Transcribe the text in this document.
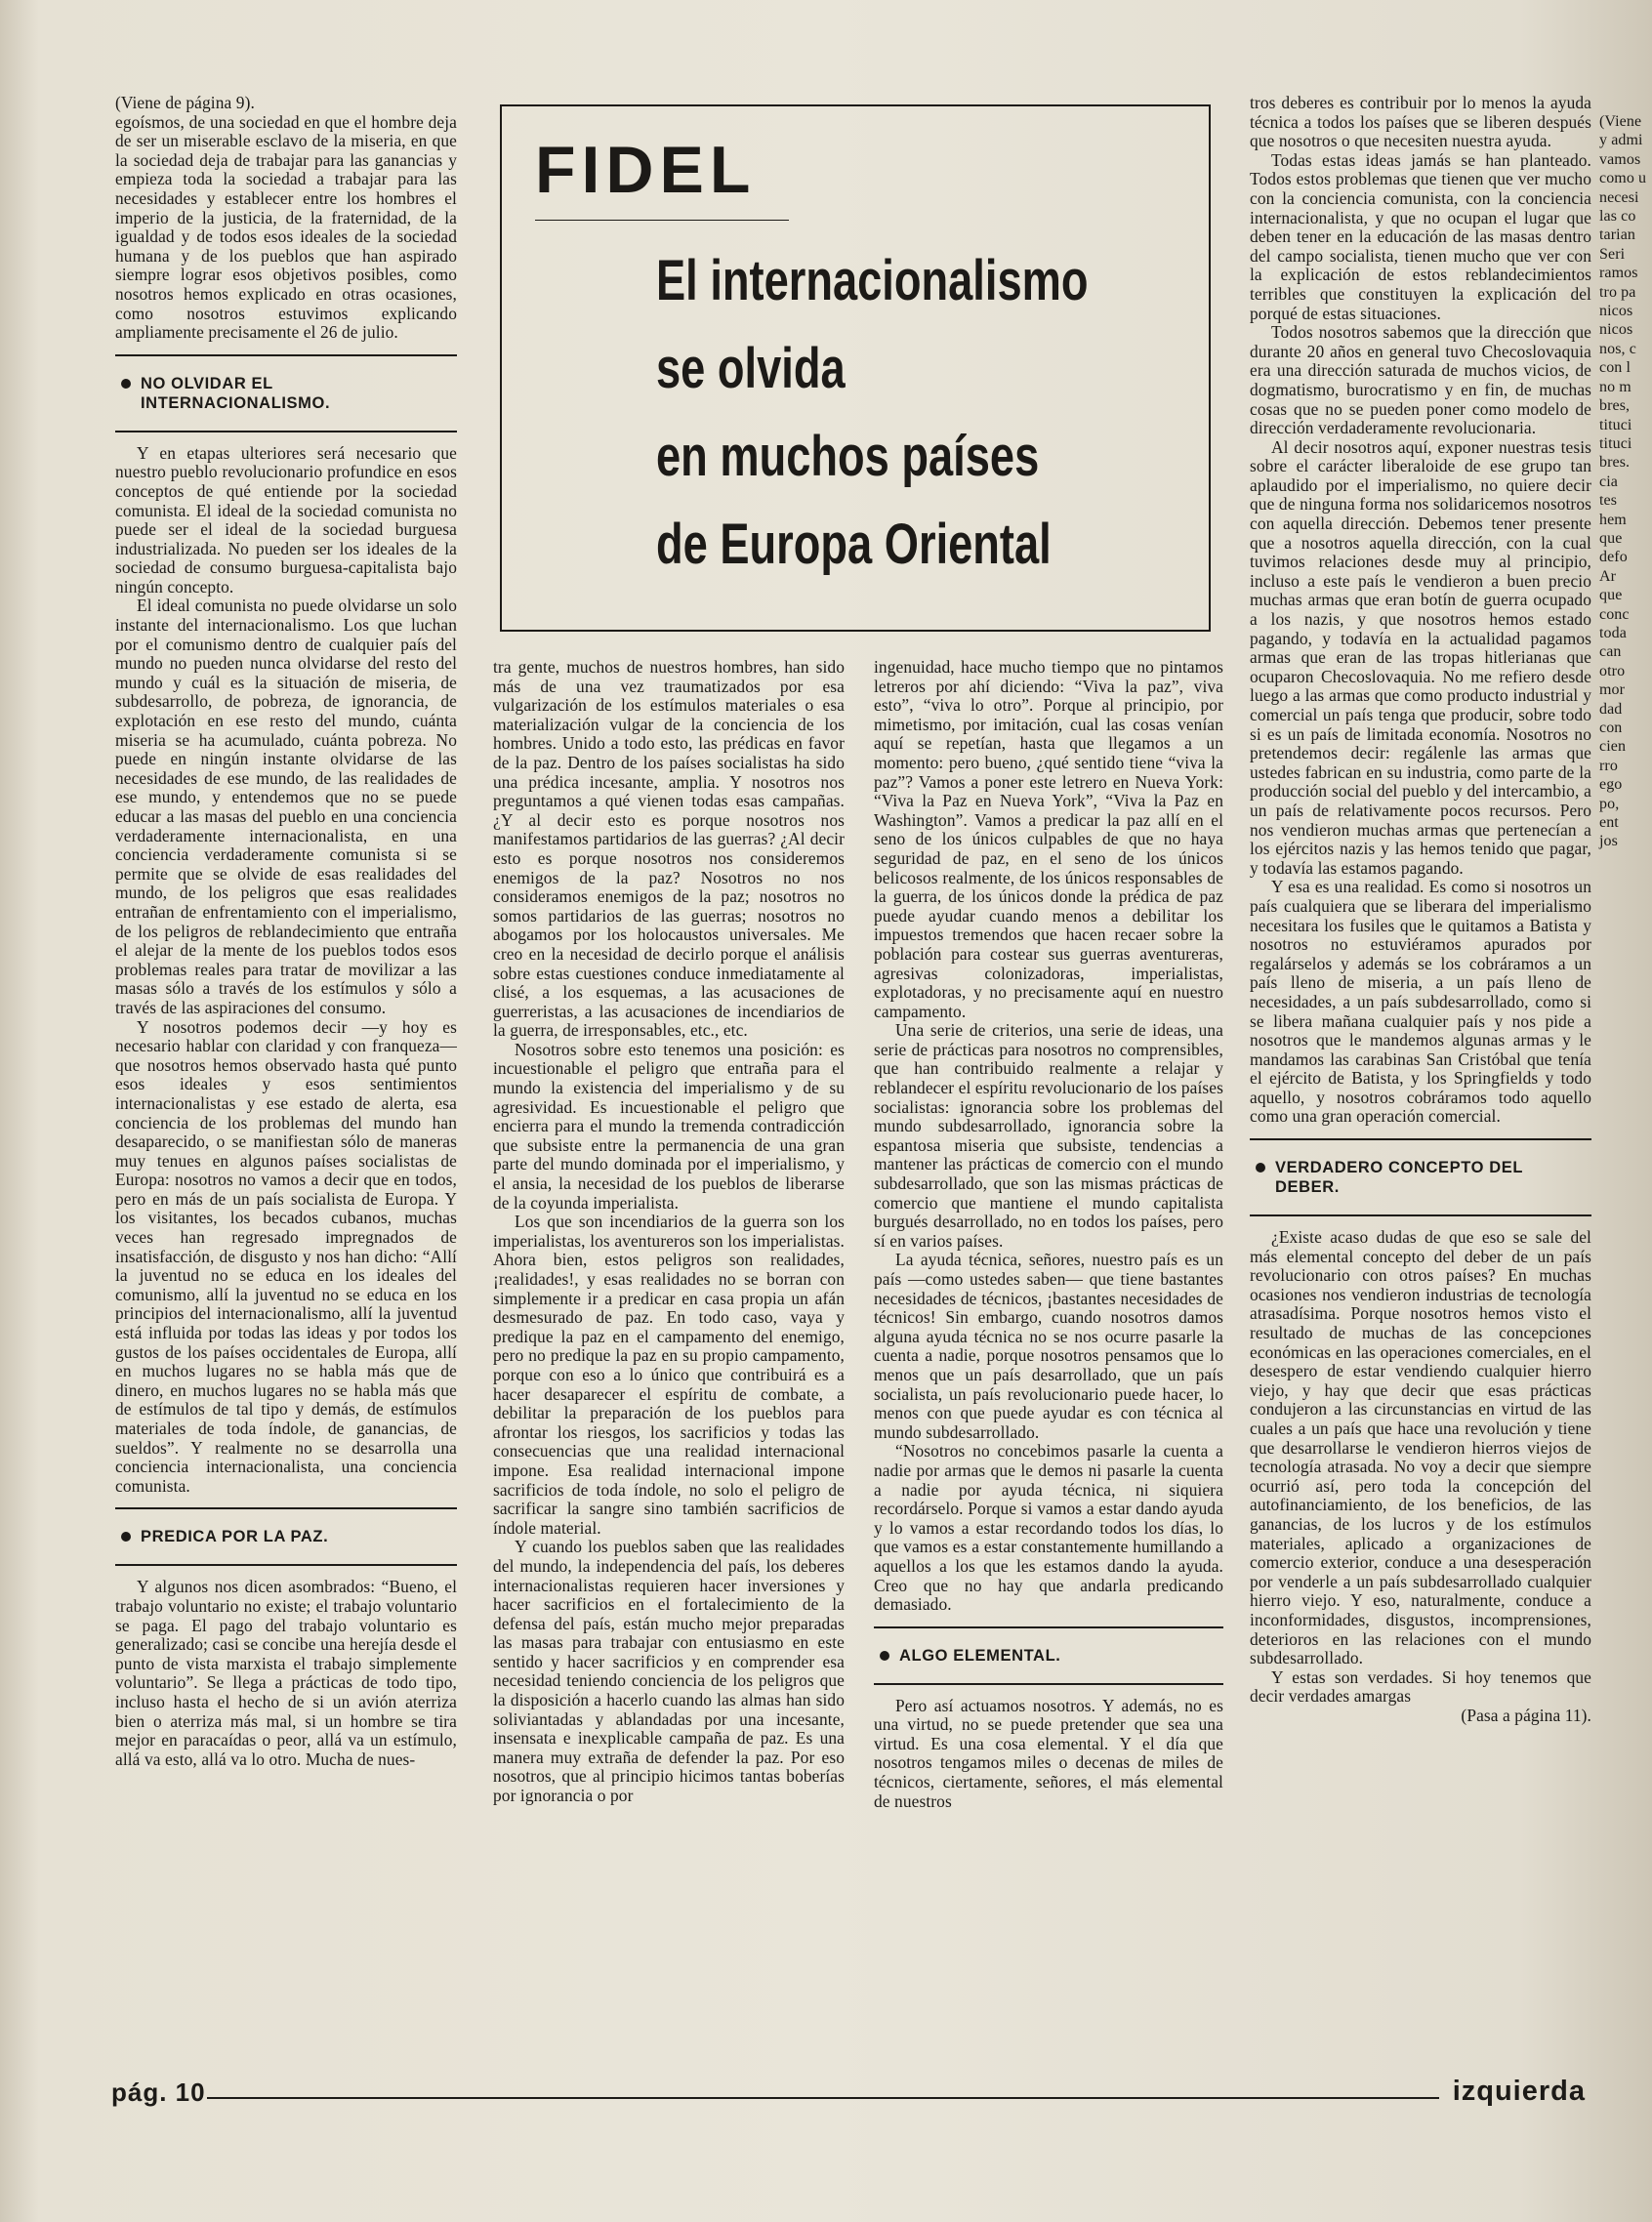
(Viene de página 9).

egoísmos, de una sociedad en que el hombre deja de ser un miserable esclavo de la miseria, en que la sociedad deja de trabajar para las ganancias y empieza toda la sociedad a trabajar para las necesidades y establecer entre los hombres el imperio de la justicia, de la fraternidad, de la igualdad y de todos esos ideales de la sociedad humana y de los pueblos que han aspirado siempre lograr esos objetivos posibles, como nosotros hemos explicado en otras ocasiones, como nosotros estuvimos explicando ampliamente precisamente el 26 de julio.

NO OLVIDAR EL INTERNACIONALISMO.

Y en etapas ulteriores será necesario que nuestro pueblo revolucionario profundice en esos conceptos de qué entiende por la sociedad comunista. El ideal de la sociedad comunista no puede ser el ideal de la sociedad burguesa industrializada. No pueden ser los ideales de la sociedad de consumo burguesa-capitalista bajo ningún concepto.

El ideal comunista no puede olvidarse un solo instante del internacionalismo. Los que luchan por el comunismo dentro de cualquier país del mundo no pueden nunca olvidarse del resto del mundo y cuál es la situación de miseria, de subdesarrollo, de pobreza, de ignorancia, de explotación en ese resto del mundo, cuánta miseria se ha acumulado, cuánta pobreza. No puede en ningún instante olvidarse de las necesidades de ese mundo, de las realidades de ese mundo, y entendemos que no se puede educar a las masas del pueblo en una conciencia verdaderamente internacionalista, en una conciencia verdaderamente comunista si se permite que se olvide de esas realidades del mundo, de los peligros que esas realidades entrañan de enfrentamiento con el imperialismo, de los peligros de reblandecimiento que entraña el alejar de la mente de los pueblos todos esos problemas reales para tratar de movilizar a las masas sólo a través de los estímulos y sólo a través de las aspiraciones del consumo.

Y nosotros podemos decir —y hoy es necesario hablar con claridad y con franqueza— que nosotros hemos observado hasta qué punto esos ideales y esos sentimientos internacionalistas y ese estado de alerta, esa conciencia de los problemas del mundo han desaparecido, o se manifiestan sólo de maneras muy tenues en algunos países socialistas de Europa: nosotros no vamos a decir que en todos, pero en más de un país socialista de Europa. Y los visitantes, los becados cubanos, muchas veces han regresado impregnados de insatisfacción, de disgusto y nos han dicho: “Allí la juventud no se educa en los ideales del comunismo, allí la juventud no se educa en los principios del internacionalismo, allí la juventud está influida por todas las ideas y por todos los gustos de los países occidentales de Europa, allí en muchos lugares no se habla más que de dinero, en muchos lugares no se habla más que de estímulos de tal tipo y demás, de estímulos materiales de toda índole, de ganancias, de sueldos”. Y realmente no se desarrolla una conciencia internacionalista, una conciencia comunista.

PREDICA POR LA PAZ.

Y algunos nos dicen asombrados: “Bueno, el trabajo voluntario no existe; el trabajo voluntario se paga. El pago del trabajo voluntario es generalizado; casi se concibe una herejía desde el punto de vista marxista el trabajo simplemente voluntario”. Se llega a prácticas de todo tipo, incluso hasta el hecho de si un avión aterriza bien o aterriza más mal, si un hombre se tira mejor en paracaídas o peor, allá va un estímulo, allá va esto, allá va lo otro. Mucha de nues-

FIDEL
El internacionalismo
se olvida
en muchos países
de Europa Oriental

tra gente, muchos de nuestros hombres, han sido más de una vez traumatizados por esa vulgarización de los estímulos materiales o esa materialización vulgar de la conciencia de los hombres. Unido a todo esto, las prédicas en favor de la paz. Dentro de los países socialistas ha sido una prédica incesante, amplia. Y nosotros nos preguntamos a qué vienen todas esas campañas. ¿Y al decir esto es porque nosotros nos manifestamos partidarios de las guerras? ¿Al decir esto es porque nosotros nos consideremos enemigos de la paz? Nosotros no nos consideramos enemigos de la paz; nosotros no somos partidarios de las guerras; nosotros no abogamos por los holocaustos universales. Me creo en la necesidad de decirlo porque el análisis sobre estas cuestiones conduce inmediatamente al clisé, a los esquemas, a las acusaciones de guerreristas, a las acusaciones de incendiarios de la guerra, de irresponsables, etc., etc.

Nosotros sobre esto tenemos una posición: es incuestionable el peligro que entraña para el mundo la existencia del imperialismo y de su agresividad. Es incuestionable el peligro que encierra para el mundo la tremenda contradicción que subsiste entre la permanencia de una gran parte del mundo dominada por el imperialismo, y el ansia, la necesidad de los pueblos de liberarse de la coyunda imperialista.

Los que son incendiarios de la guerra son los imperialistas, los aventureros son los imperialistas. Ahora bien, estos peligros son realidades, ¡realidades!, y esas realidades no se borran con simplemente ir a predicar en casa propia un afán desmesurado de paz. En todo caso, vaya y predique la paz en el campamento del enemigo, pero no predique la paz en su propio campamento, porque con eso a lo único que contribuirá es a hacer desaparecer el espíritu de combate, a debilitar la preparación de los pueblos para afrontar los riesgos, los sacrificios y todas las consecuencias que una realidad internacional impone. Esa realidad internacional impone sacrificios de toda índole, no solo el peligro de sacrificar la sangre sino también sacrificios de índole material.

Y cuando los pueblos saben que las realidades del mundo, la independencia del país, los deberes internacionalistas requieren hacer inversiones y hacer sacrificios en el fortalecimiento de la defensa del país, están mucho mejor preparadas las masas para trabajar con entusiasmo en este sentido y hacer sacrificios y en comprender esa necesidad teniendo conciencia de los peligros que la disposición a hacerlo cuando las almas han sido soliviantadas y ablandadas por una incesante, insensata e inexplicable campaña de paz. Es una manera muy extraña de defender la paz. Por eso nosotros, que al principio hicimos tantas boberías por ignorancia o por

ingenuidad, hace mucho tiempo que no pintamos letreros por ahí diciendo: “Viva la paz”, viva esto”, “viva lo otro”. Porque al principio, por mimetismo, por imitación, cual las cosas venían aquí se repetían, hasta que llegamos a un momento: pero bueno, ¿qué sentido tiene “viva la paz”? Vamos a poner este letrero en Nueva York: “Viva la Paz en Nueva York”, “Viva la Paz en Washington”. Vamos a predicar la paz allí en el seno de los únicos culpables de que no haya seguridad de paz, en el seno de los únicos belicosos realmente, de los únicos responsables de la guerra, de los únicos donde la prédica de paz puede ayudar cuando menos a debilitar los impuestos tremendos que hacen recaer sobre la población para costear sus guerras aventureras, agresivas colonizadoras, imperialistas, explotadoras, y no precisamente aquí en nuestro campamento.

Una serie de criterios, una serie de ideas, una serie de prácticas para nosotros no comprensibles, que han contribuido realmente a relajar y reblandecer el espíritu revolucionario de los países socialistas: ignorancia sobre los problemas del mundo subdesarrollado, ignorancia sobre la espantosa miseria que subsiste, tendencias a mantener las prácticas de comercio con el mundo subdesarrollado, que son las mismas prácticas de comercio que mantiene el mundo capitalista burgués desarrollado, no en todos los países, pero sí en varios países.

La ayuda técnica, señores, nuestro país es un país —como ustedes saben— que tiene bastantes necesidades de técnicos, ¡bastantes necesidades de técnicos! Sin embargo, cuando nosotros damos alguna ayuda técnica no se nos ocurre pasarle la cuenta a nadie, porque nosotros pensamos que lo menos que un país desarrollado, que un país socialista, un país revolucionario puede hacer, lo menos con que puede ayudar es con técnica al mundo subdesarrollado.

“Nosotros no concebimos pasarle la cuenta a nadie por armas que le demos ni pasarle la cuenta a nadie por ayuda técnica, ni siquiera recordárselo. Porque si vamos a estar dando ayuda y lo vamos a estar recordando todos los días, lo que vamos es a estar constantemente humillando a aquellos a los que les estamos dando la ayuda. Creo que no hay que andarla predicando demasiado.

ALGO ELEMENTAL.

Pero así actuamos nosotros. Y además, no es una virtud, no se puede pretender que sea una virtud. Es una cosa elemental. Y el día que nosotros tengamos miles o decenas de miles de técnicos, ciertamente, señores, el más elemental de nuestros

tros deberes es contribuir por lo menos la ayuda técnica a todos los países que se liberen después que nosotros o que necesiten nuestra ayuda.

Todas estas ideas jamás se han planteado. Todos estos problemas que tienen que ver mucho con la conciencia comunista, con la conciencia internacionalista, y que no ocupan el lugar que deben tener en la educación de las masas dentro del campo socialista, tienen mucho que ver con la explicación de estos reblandecimientos terribles que constituyen la explicación del porqué de estas situaciones.

Todos nosotros sabemos que la dirección que durante 20 años en general tuvo Checoslovaquia era una dirección saturada de muchos vicios, de dogmatismo, burocratismo y en fin, de muchas cosas que no se pueden poner como modelo de dirección verdaderamente revolucionaria.

Al decir nosotros aquí, exponer nuestras tesis sobre el carácter liberaloide de ese grupo tan aplaudido por el imperialismo, no quiere decir que de ninguna forma nos solidaricemos nosotros con aquella dirección. Debemos tener presente que a nosotros aquella dirección, con la cual tuvimos relaciones desde muy al principio, incluso a este país le vendieron a buen precio muchas armas que eran botín de guerra ocupado a los nazis, y que nosotros hemos estado pagando, y todavía en la actualidad pagamos armas que eran de las tropas hitlerianas que ocuparon Checoslovaquia. No me refiero desde luego a las armas que como producto industrial y comercial un país tenga que producir, sobre todo si es un país de limitada economía. Nosotros no pretendemos decir: regálenle las armas que ustedes fabrican en su industria, como parte de la producción social del pueblo y del intercambio, a un país de relativamente pocos recursos. Pero nos vendieron muchas armas que pertenecían a los ejércitos nazis y las hemos tenido que pagar, y todavía las estamos pagando.

Y esa es una realidad. Es como si nosotros un país cualquiera que se liberara del imperialismo necesitara los fusiles que le quitamos a Batista y nosotros no estuviéramos apurados por regalárselos y además se los cobráramos a un país lleno de miseria, a un país lleno de necesidades, a un país subdesarrollado, como si se libera mañana cualquier país y nos pide a nosotros que le mandemos algunas armas y le mandamos las carabinas San Cristóbal que tenía el ejército de Batista, y los Springfields y todo aquello, y nosotros cobráramos todo aquello como una gran operación comercial.

VERDADERO CONCEPTO DEL DEBER.

¿Existe acaso dudas de que eso se sale del más elemental concepto del deber de un país revolucionario con otros países? En muchas ocasiones nos vendieron industrias de tecnología atrasadísima. Porque nosotros hemos visto el resultado de muchas de las concepciones económicas en las operaciones comerciales, en el desespero de estar vendiendo cualquier hierro viejo, y hay que decir que esas prácticas condujeron a las circunstancias en virtud de las cuales a un país que hace una revolución y tiene que desarrollarse le vendieron hierros viejos de tecnología atrasada. No voy a decir que siempre ocurrió así, pero toda la concepción del autofinanciamiento, de los beneficios, de las ganancias, de los lucros y de los estímulos materiales, aplicado a organizaciones de comercio exterior, conduce a una desesperación por venderle a un país subdesarrollado cualquier hierro viejo. Y eso, naturalmente, conduce a inconformidades, disgustos, incomprensiones, deterioros en las relaciones con el mundo subdesarrollado.

Y estas son verdades. Si hoy tenemos que decir verdades amargas

(Pasa a página 11).

(Viene
y admi
vamos
como u
necesi
las co
tarian
Seri
ramos
tro pa
nicos
nicos
nos, c
con l
no m
bres,
tituci
tituci
bres.
cia
tes
hem
que
defo
Ar
que
conc
toda
can
otro
mor
dad
con
cien
rro
ego
po,
ent
jos
pág. 10	izquierda
